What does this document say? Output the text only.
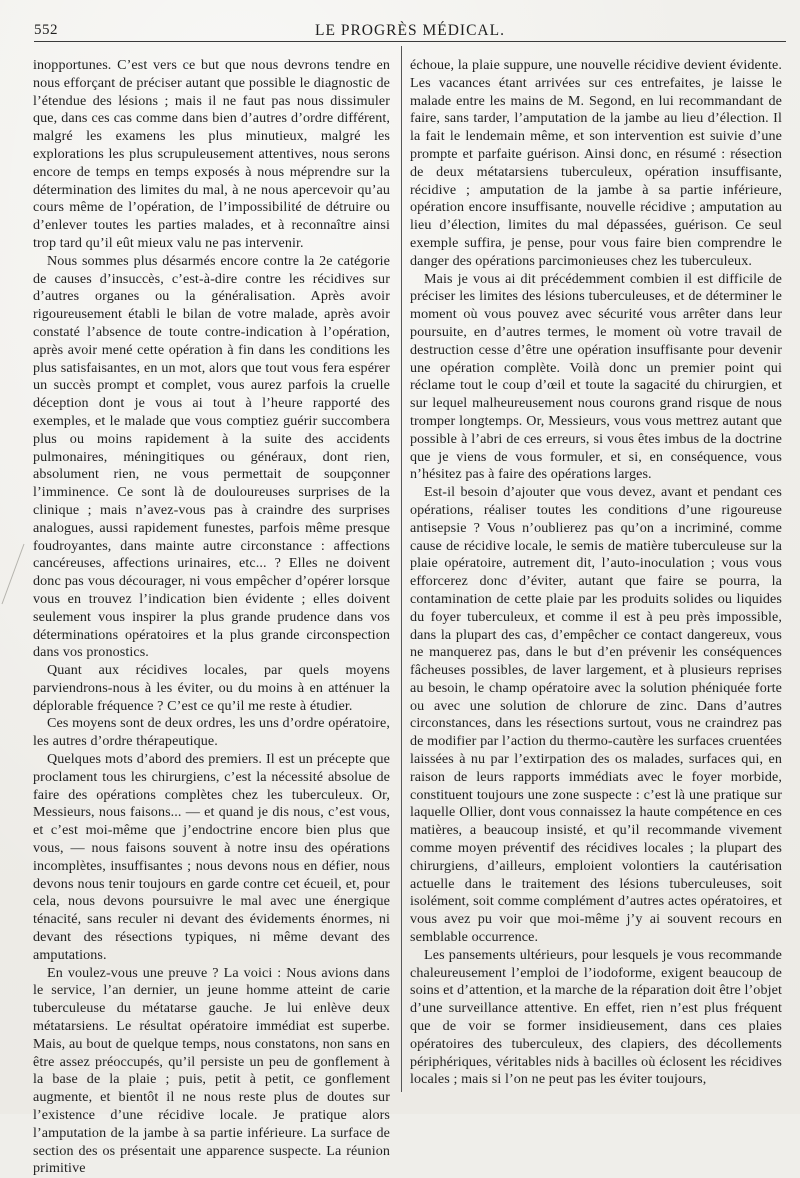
552	LE PROGRÈS MÉDICAL.

inopportunes. C’est vers ce but que nous devrons tendre en nous efforçant de préciser autant que possible le diagnostic de l’étendue des lésions ; mais il ne faut pas nous dissimuler que, dans ces cas comme dans bien d’autres d’ordre différent, malgré les examens les plus minutieux, malgré les explorations les plus scrupuleusement attentives, nous serons encore de temps en temps exposés à nous méprendre sur la détermination des limites du mal, à ne nous apercevoir qu’au cours même de l’opération, de l’impossibilité de détruire ou d’enlever toutes les parties malades, et à reconnaître ainsi trop tard qu’il eût mieux valu ne pas intervenir.

Nous sommes plus désarmés encore contre la 2e catégorie de causes d’insuccès, c’est-à-dire contre les récidives sur d’autres organes ou la généralisation. Après avoir rigoureusement établi le bilan de votre malade, après avoir constaté l’absence de toute contre-indication à l’opération, après avoir mené cette opération à fin dans les conditions les plus satisfaisantes, en un mot, alors que tout vous fera espérer un succès prompt et complet, vous aurez parfois la cruelle déception dont je vous ai tout à l’heure rapporté des exemples, et le malade que vous comptiez guérir succombera plus ou moins rapidement à la suite des accidents pulmonaires, méningitiques ou généraux, dont rien, absolument rien, ne vous permettait de soupçonner l’imminence. Ce sont là de douloureuses surprises de la clinique ; mais n’avez-vous pas à craindre des surprises analogues, aussi rapidement funestes, parfois même presque foudroyantes, dans mainte autre circonstance : affections cancéreuses, affections urinaires, etc... ? Elles ne doivent donc pas vous décourager, ni vous empêcher d’opérer lorsque vous en trouvez l’indication bien évidente ; elles doivent seulement vous inspirer la plus grande prudence dans vos déterminations opératoires et la plus grande circonspection dans vos pronostics.

Quant aux récidives locales, par quels moyens parviendrons-nous à les éviter, ou du moins à en atténuer la déplorable fréquence ? C’est ce qu’il me reste à étudier.

Ces moyens sont de deux ordres, les uns d’ordre opératoire, les autres d’ordre thérapeutique.

Quelques mots d’abord des premiers. Il est un précepte que proclament tous les chirurgiens, c’est la nécessité absolue de faire des opérations complètes chez les tuberculeux. Or, Messieurs, nous faisons... — et quand je dis nous, c’est vous, et c’est moi-même que j’endoctrine encore bien plus que vous, — nous faisons souvent à notre insu des opérations incomplètes, insuffisantes ; nous devons nous en défier, nous devons nous tenir toujours en garde contre cet écueil, et, pour cela, nous devons poursuivre le mal avec une énergique ténacité, sans reculer ni devant des évidements énormes, ni devant des résections typiques, ni même devant des amputations.

En voulez-vous une preuve ? La voici : Nous avions dans le service, l’an dernier, un jeune homme atteint de carie tuberculeuse du métatarse gauche. Je lui enlève deux métatarsiens. Le résultat opératoire immédiat est superbe. Mais, au bout de quelque temps, nous constatons, non sans en être assez préoccupés, qu’il persiste un peu de gonflement à la base de la plaie ; puis, petit à petit, ce gonflement augmente, et bientôt il ne nous reste plus de doutes sur l’existence d’une récidive locale. Je pratique alors l’amputation de la jambe à sa partie inférieure. La surface de section des os présentait une apparence suspecte. La réunion primitive

échoue, la plaie suppure, une nouvelle récidive devient évidente. Les vacances étant arrivées sur ces entrefaites, je laisse le malade entre les mains de M. Segond, en lui recommandant de faire, sans tarder, l’amputation de la jambe au lieu d’élection. Il la fait le lendemain même, et son intervention est suivie d’une prompte et parfaite guérison. Ainsi donc, en résumé : résection de deux métatarsiens tuberculeux, opération insuffisante, récidive ; amputation de la jambe à sa partie inférieure, opération encore insuffisante, nouvelle récidive ; amputation au lieu d’élection, limites du mal dépassées, guérison. Ce seul exemple suffira, je pense, pour vous faire bien comprendre le danger des opérations parcimonieuses chez les tuberculeux.

Mais je vous ai dit précédemment combien il est difficile de préciser les limites des lésions tuberculeuses, et de déterminer le moment où vous pouvez avec sécurité vous arrêter dans leur poursuite, en d’autres termes, le moment où votre travail de destruction cesse d’être une opération insuffisante pour devenir une opération complète. Voilà donc un premier point qui réclame tout le coup d’œil et toute la sagacité du chirurgien, et sur lequel malheureusement nous courons grand risque de nous tromper longtemps. Or, Messieurs, vous vous mettrez autant que possible à l’abri de ces erreurs, si vous êtes imbus de la doctrine que je viens de vous formuler, et si, en conséquence, vous n’hésitez pas à faire des opérations larges.

Est-il besoin d’ajouter que vous devez, avant et pendant ces opérations, réaliser toutes les conditions d’une rigoureuse antisepsie ? Vous n’oublierez pas qu’on a incriminé, comme cause de récidive locale, le semis de matière tuberculeuse sur la plaie opératoire, autrement dit, l’auto-inoculation ; vous vous efforcerez donc d’éviter, autant que faire se pourra, la contamination de cette plaie par les produits solides ou liquides du foyer tuberculeux, et comme il est à peu près impossible, dans la plupart des cas, d’empêcher ce contact dangereux, vous ne manquerez pas, dans le but d’en prévenir les conséquences fâcheuses possibles, de laver largement, et à plusieurs reprises au besoin, le champ opératoire avec la solution phéniquée forte ou avec une solution de chlorure de zinc. Dans d’autres circonstances, dans les résections surtout, vous ne craindrez pas de modifier par l’action du thermo-cautère les surfaces cruentées laissées à nu par l’extirpation des os malades, surfaces qui, en raison de leurs rapports immédiats avec le foyer morbide, constituent toujours une zone suspecte : c’est là une pratique sur laquelle Ollier, dont vous connaissez la haute compétence en ces matières, a beaucoup insisté, et qu’il recommande vivement comme moyen préventif des récidives locales ; la plupart des chirurgiens, d’ailleurs, emploient volontiers la cautérisation actuelle dans le traitement des lésions tuberculeuses, soit isolément, soit comme complément d’autres actes opératoires, et vous avez pu voir que moi-même j’y ai souvent recours en semblable occurrence.

Les pansements ultérieurs, pour lesquels je vous recommande chaleureusement l’emploi de l’iodoforme, exigent beaucoup de soins et d’attention, et la marche de la réparation doit être l’objet d’une surveillance attentive. En effet, rien n’est plus fréquent que de voir se former insidieusement, dans ces plaies opératoires des tuberculeux, des clapiers, des décollements périphériques, véritables nids à bacilles où éclosent les récidives locales ; mais si l’on ne peut pas les éviter toujours,
